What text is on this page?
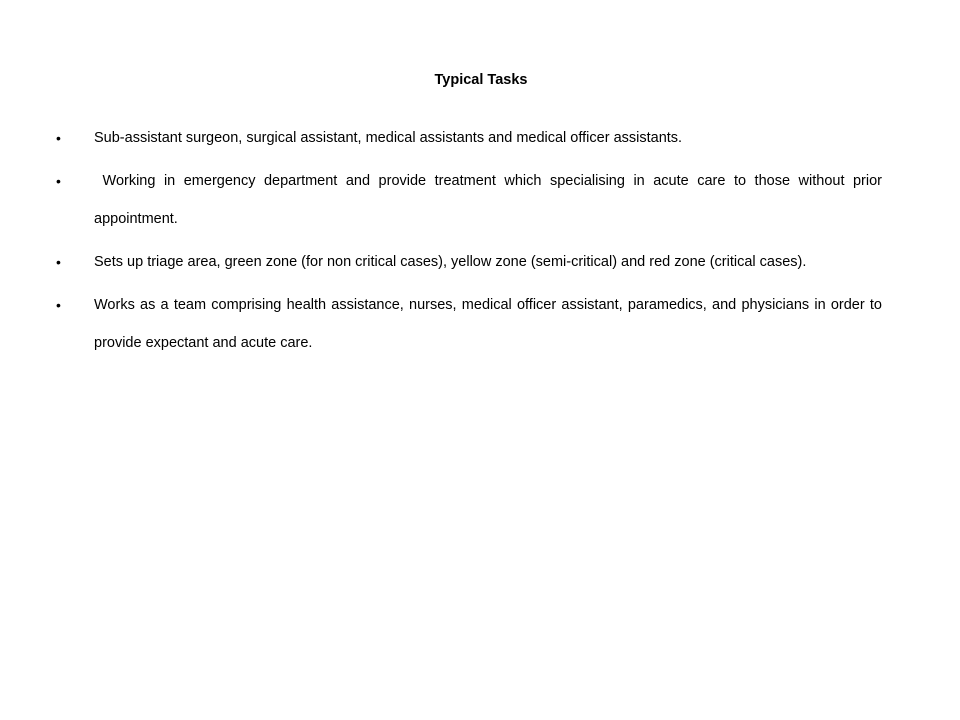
Typical Tasks
•	Sub-assistant surgeon, surgical assistant, medical assistants and medical officer assistants.
•	Working in emergency department and provide treatment which specialising in acute care to those without prior appointment.
•	Sets up triage area, green zone (for non critical cases), yellow zone (semi-critical) and red zone (critical cases).
•	Works as a team comprising health assistance, nurses, medical officer assistant, paramedics, and physicians in order to provide expectant and acute care.
